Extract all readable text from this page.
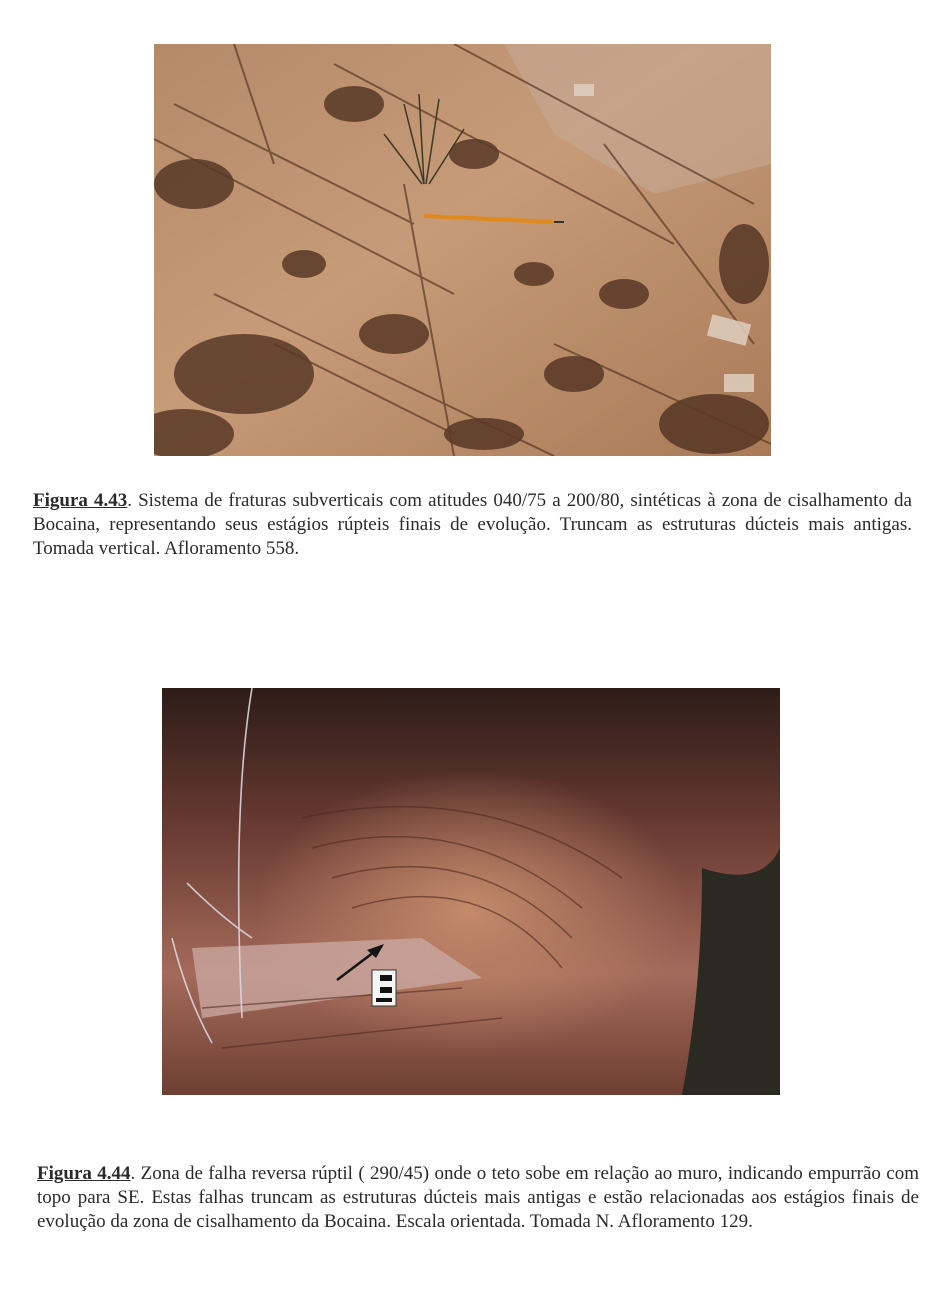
Figura 4.43. Sistema de fraturas subverticais com atitudes 040/75 a 200/80, sintéticas à zona de cisalhamento da Bocaina, representando seus estágios rúpteis finais de evolução. Truncam as estruturas dúcteis mais antigas. Tomada vertical. Afloramento 558.
Figura 4.44. Zona de falha reversa rúptil ( 290/45) onde o teto sobe em relação ao muro, indicando empurrão com topo para SE. Estas falhas truncam as estruturas dúcteis mais antigas e estão relacionadas aos estágios finais de evolução da zona de cisalhamento da Bocaina. Escala orientada. Tomada N. Afloramento 129.
